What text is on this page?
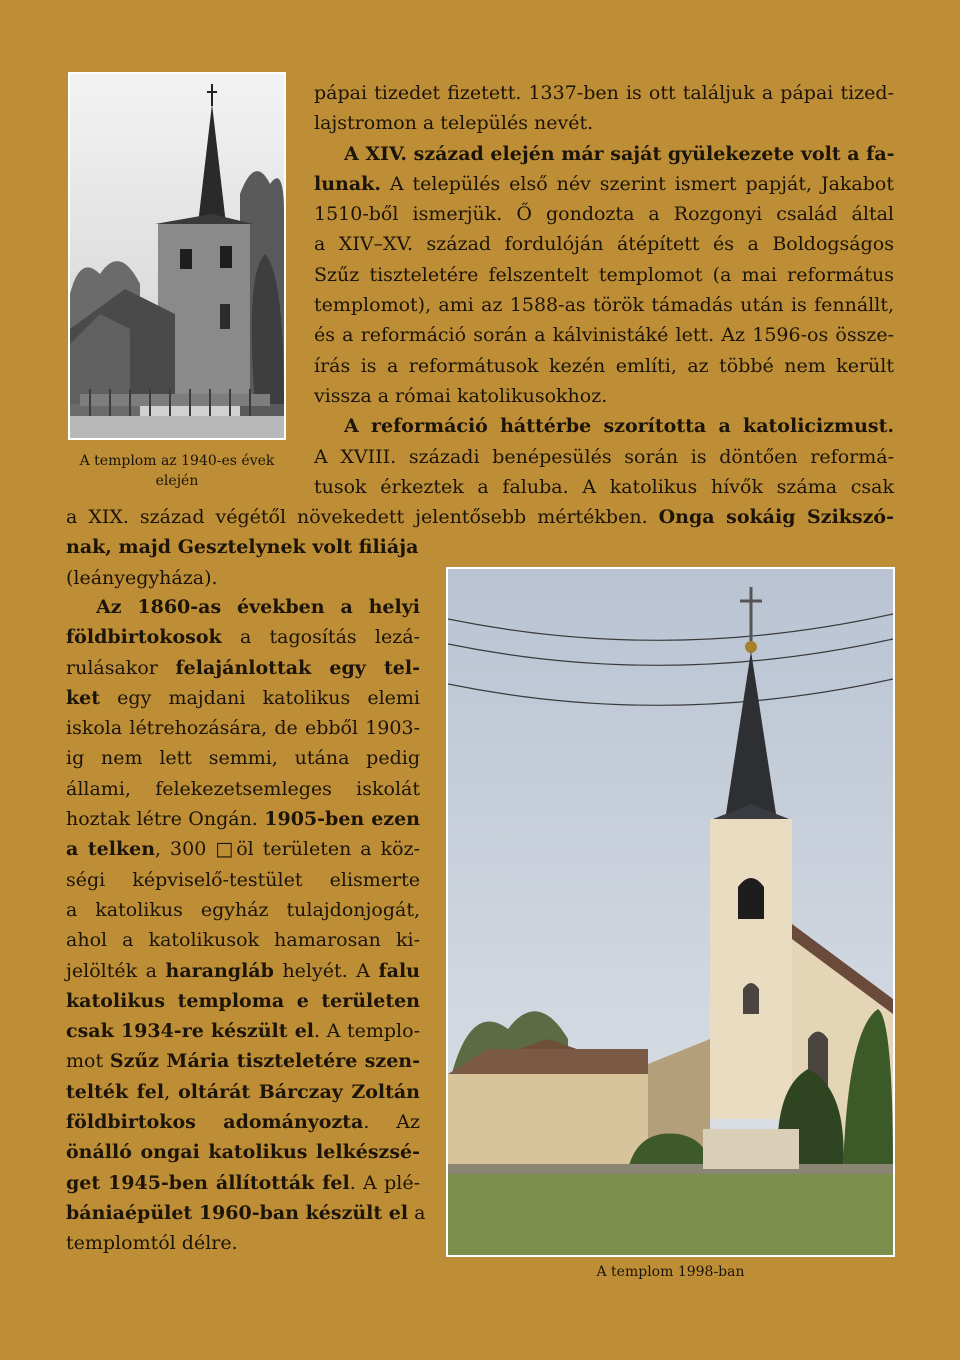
A templom az 1940-es évek elején
pápai tizedet fizetett. 1337-ben is ott találjuk a pápai tized-
lajstromon a település nevét.
A XIV. század elején már saját gyülekezete volt a fa-
lunak. A település első név szerint ismert papját, Jakabot
1510-ből ismerjük. Ő gondozta a Rozgonyi család által
a XIV–XV. század fordulóján átépített és a Boldogságos
Szűz tiszteletére felszentelt templomot (a mai református
templomot), ami az 1588-as török támadás után is fennállt,
és a reformáció során a kálvinistáké lett. Az 1596-os össze-
írás is a reformátusok kezén említi, az többé nem került
vissza a római katolikusokhoz.
A reformáció háttérbe szorította a katolicizmust.
A XVIII. századi benépesülés során is döntően reformá-
tusok érkeztek a faluba. A katolikus hívők száma csak
a XIX. század végétől növekedett jelentősebb mértékben. Onga sokáig Szikszó-
nak, majd Gesztelynek volt filiája
(leányegyháza).
Az 1860-as években a helyi
földbirtokosok a tagosítás lezá-
rulásakor felajánlottak egy tel-
ket egy majdani katolikus elemi
iskola létrehozására, de ebből 1903-
ig nem lett semmi, utána pedig
állami, felekezetsemleges iskolát
hoztak létre Ongán. 1905-ben ezen
a telken, 300 □öl területen a köz-
ségi képviselő-testület elismerte
a katolikus egyház tulajdonjogát,
ahol a katolikusok hamarosan ki-
jelölték a harangláb helyét. A falu
katolikus temploma e területen
csak 1934-re készült el. A templo-
mot Szűz Mária tiszteletére szen-
telték fel, oltárát Bárczay Zoltán
földbirtokos adományozta. Az
önálló ongai katolikus lelkészsé-
get 1945-ben állították fel. A plé-
bániaépület 1960-ban készült el a
templomtól délre.
A templom 1998-ban
